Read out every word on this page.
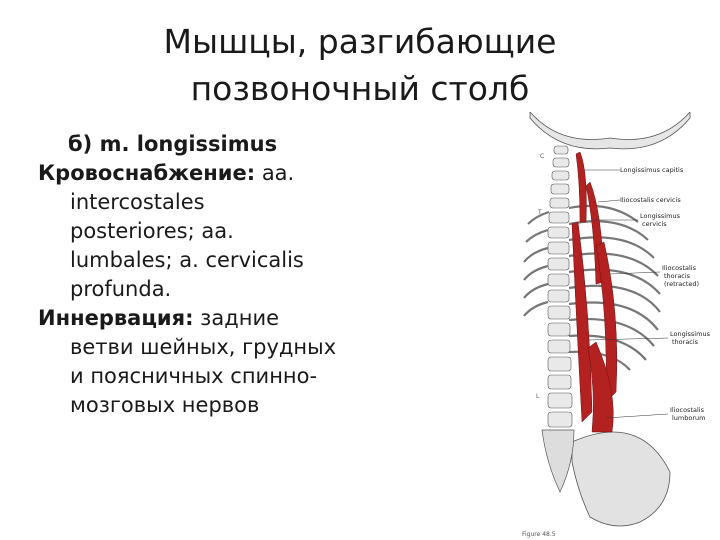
Мышцы, разгибающие
позвоночный столб

б) m. longissimus

Кровоснабжение: аа.
intercostales
posteriores; аа.
lumbales; a. cervicalis
profunda.

Иннервация: задние
ветви шейных, грудных
и поясничных спинно-
мозговых нервов

Longissimus capitis
Iliocostalis cervicis
Longissimus
cervicis
Iliocostalis
thoracis
(retracted)
Longissimus
thoracis
Iliocostalis
lumborum
C
T
L
Figure 48.5
